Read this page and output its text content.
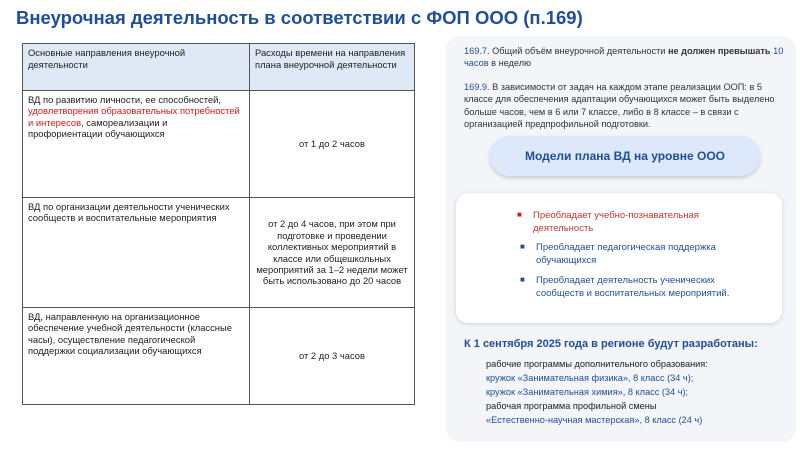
Внеурочная деятельность в соответствии с ФОП ООО (п.169)
Основные направления внеурочной деятельности	Расходы времени на направления плана внеурочной деятельности
ВД по развитию личности, ее способностей, удовлетворения образовательных потребностей и интересов, самореализации и профориентации обучающихся	от 1 до 2 часов
ВД по организации деятельности ученических сообществ и воспитательные мероприятия	от 2 до 4 часов, при этом при подготовке и проведении коллективных мероприятий в классе или общешкольных мероприятий за 1–2 недели может быть использовано до 20 часов
ВД, направленную на организационное обеспечение учебной деятельности (классные часы), осуществление педагогической поддержки социализации обучающихся	от 2 до 3 часов
169.7. Общий объём внеурочной деятельности не должен превышать 10 часов в неделю
169.9. В зависимости от задач на каждом этапе реализации ООП: в 5 классе для обеспечения адаптации обучающихся может быть выделено больше часов, чем в 6 или 7 классе, либо в 8 классе – в связи с организацией предпрофильной подготовки.
Модели плана ВД на уровне ООО
■ Преобладает учебно-познавательная деятельность
■ Преобладает педагогическая поддержка обучающихся
■ Преобладает деятельность ученических сообществ и воспитательных мероприятий.
К 1 сентября 2025 года в регионе будут разработаны:
рабочие программы дополнительного образования:
кружок «Занимательная физика», 8 класс (34 ч);
кружок «Занимательная химия», 8 класс (34 ч);
рабочая программа профильной смены
«Естественно-научная мастерская», 8 класс (24 ч)
